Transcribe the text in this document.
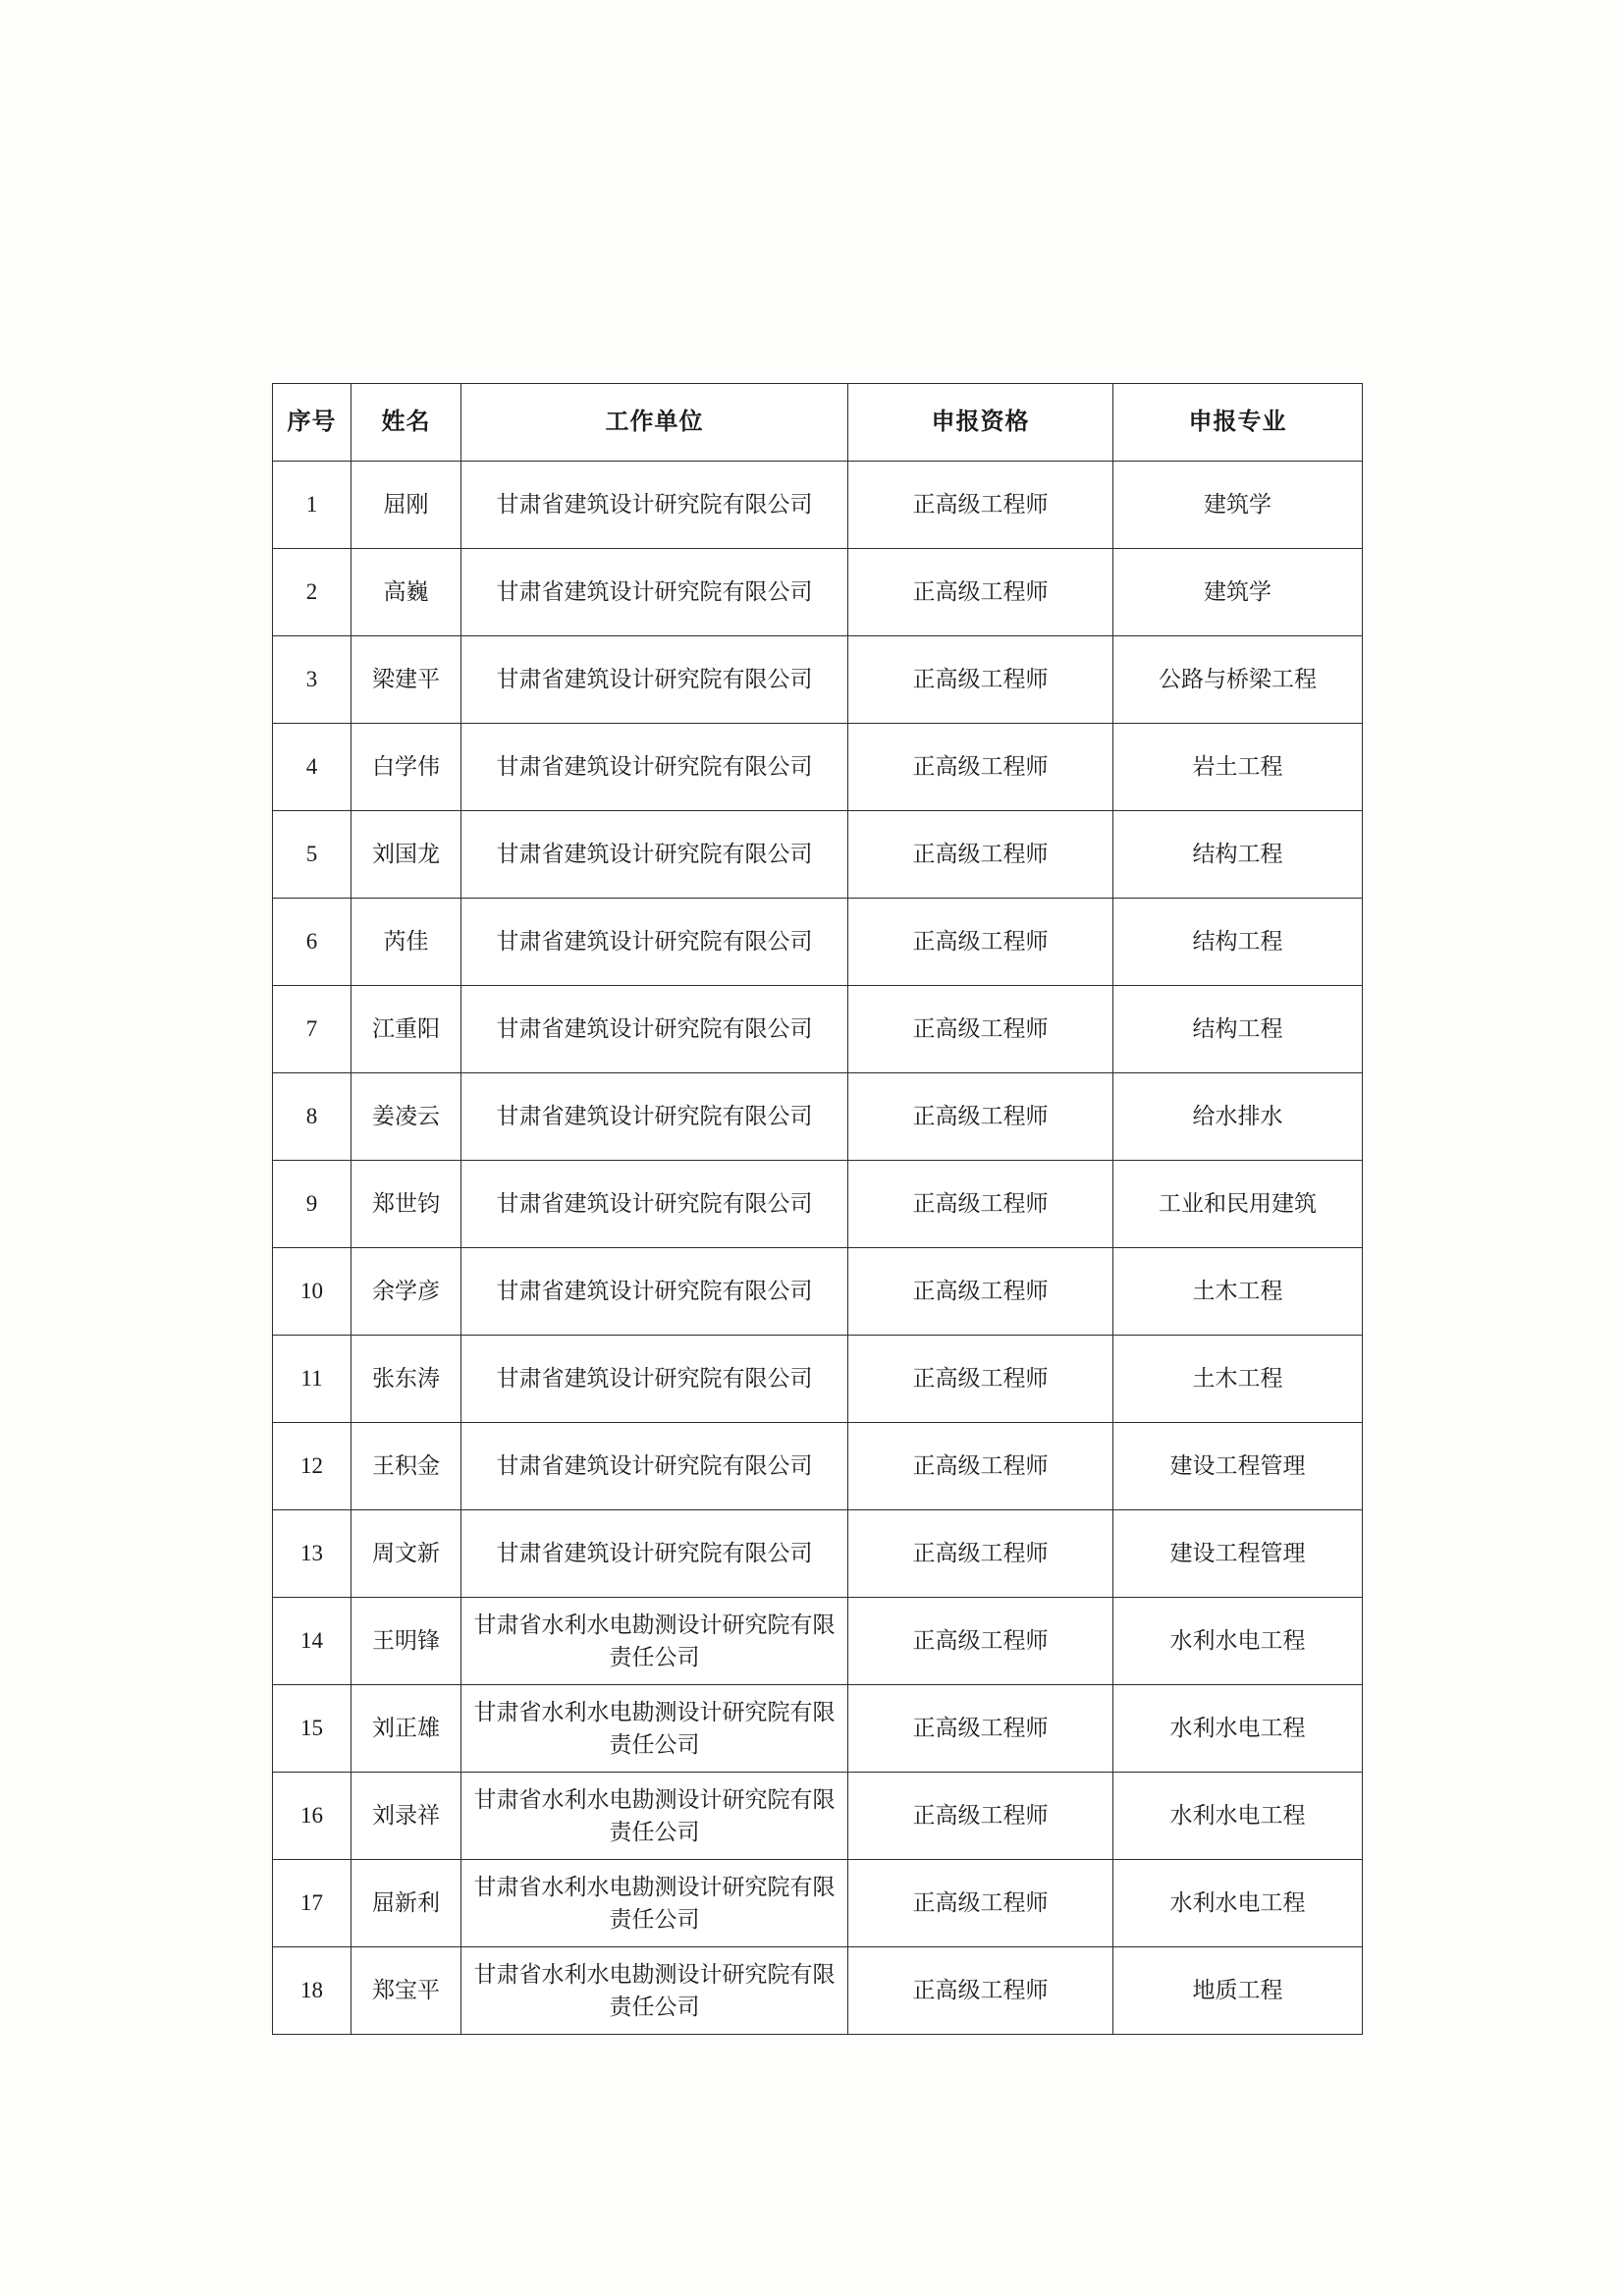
序号	姓名	工作单位	申报资格	申报专业
1	屈刚	甘肃省建筑设计研究院有限公司	正高级工程师	建筑学
2	高巍	甘肃省建筑设计研究院有限公司	正高级工程师	建筑学
3	梁建平	甘肃省建筑设计研究院有限公司	正高级工程师	公路与桥梁工程
4	白学伟	甘肃省建筑设计研究院有限公司	正高级工程师	岩土工程
5	刘国龙	甘肃省建筑设计研究院有限公司	正高级工程师	结构工程
6	芮佳	甘肃省建筑设计研究院有限公司	正高级工程师	结构工程
7	江重阳	甘肃省建筑设计研究院有限公司	正高级工程师	结构工程
8	姜凌云	甘肃省建筑设计研究院有限公司	正高级工程师	给水排水
9	郑世钧	甘肃省建筑设计研究院有限公司	正高级工程师	工业和民用建筑
10	余学彦	甘肃省建筑设计研究院有限公司	正高级工程师	土木工程
11	张东涛	甘肃省建筑设计研究院有限公司	正高级工程师	土木工程
12	王积金	甘肃省建筑设计研究院有限公司	正高级工程师	建设工程管理
13	周文新	甘肃省建筑设计研究院有限公司	正高级工程师	建设工程管理
14	王明锋	甘肃省水利水电勘测设计研究院有限责任公司	正高级工程师	水利水电工程
15	刘正雄	甘肃省水利水电勘测设计研究院有限责任公司	正高级工程师	水利水电工程
16	刘录祥	甘肃省水利水电勘测设计研究院有限责任公司	正高级工程师	水利水电工程
17	屈新利	甘肃省水利水电勘测设计研究院有限责任公司	正高级工程师	水利水电工程
18	郑宝平	甘肃省水利水电勘测设计研究院有限责任公司	正高级工程师	地质工程
